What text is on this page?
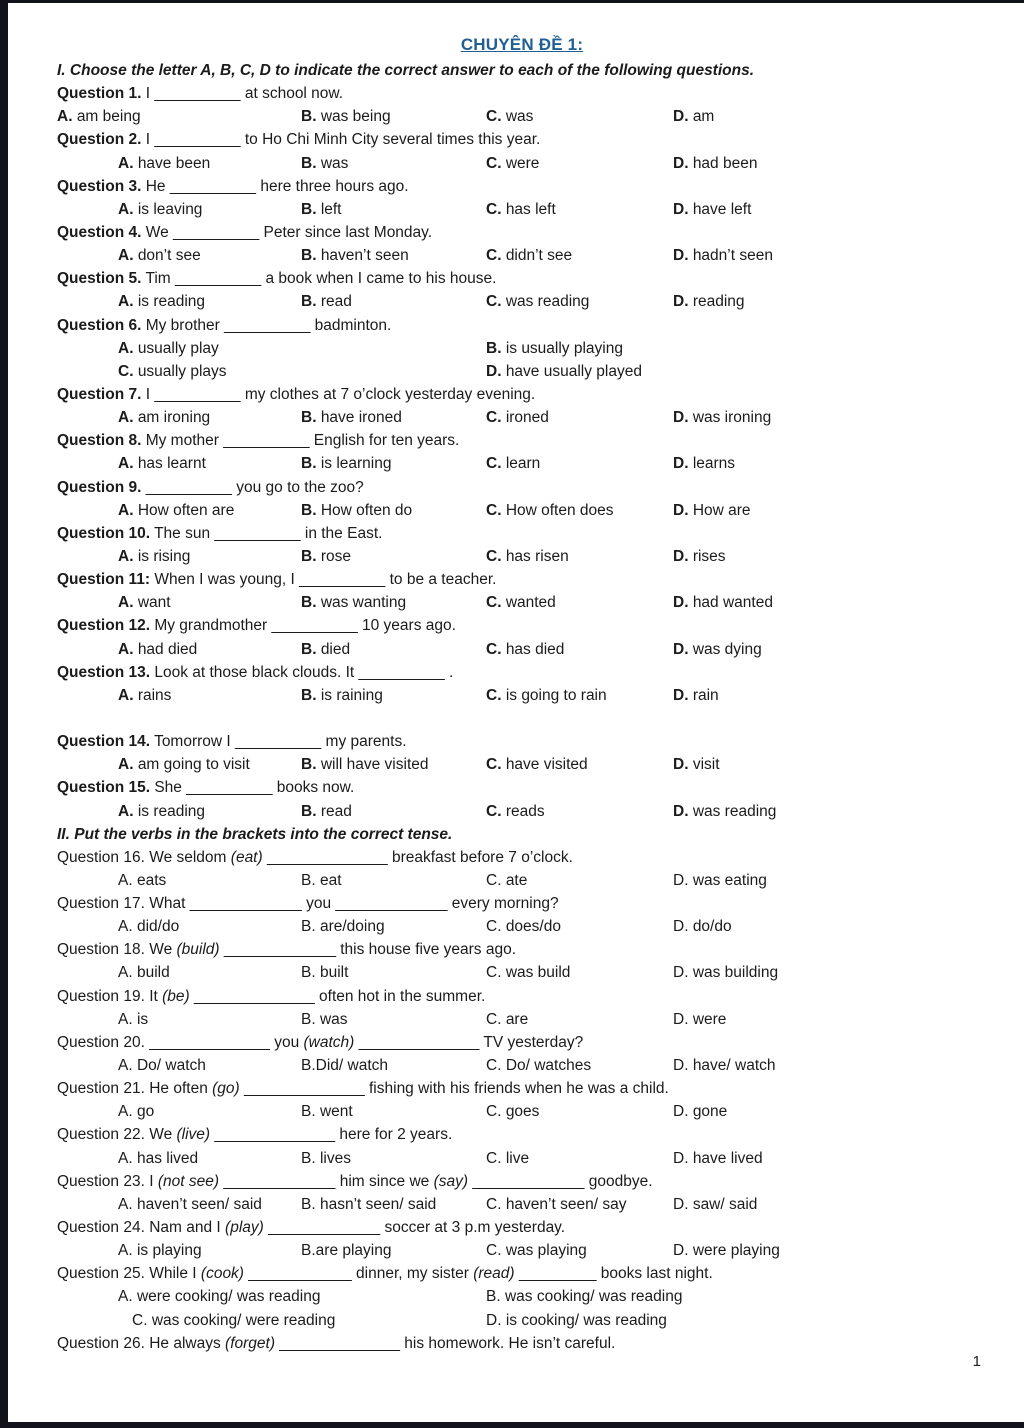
CHUYÊN ĐỀ 1:
I. Choose the letter A, B, C, D to indicate the correct answer to each of the following questions.
Question 1. I __________ at school now.
A. am being	B. was being	C. was	D. am
Question 2. I __________ to Ho Chi Minh City several times this year.
A. have been	B. was	C. were	D. had been
Question 3. He __________ here three hours ago.
A. is leaving	B. left	C. has left	D. have left
Question 4. We __________ Peter since last Monday.
A. don’t see	B. haven’t seen	C. didn’t see	D. hadn’t seen
Question 5. Tim __________ a book when I came to his house.
A. is reading	B. read	C. was reading	D. reading
Question 6. My brother __________ badminton.
A. usually play	B. is usually playing
C. usually plays	D. have usually played
Question 7. I __________ my clothes at 7 o’clock yesterday evening.
A. am ironing	B. have ironed	C. ironed	D. was ironing
Question 8. My mother __________ English for ten years.
A. has learnt	B. is learning	C. learn	D. learns
Question 9. __________ you go to the zoo?
A. How often are	B. How often do	C. How often does	D. How are
Question 10. The sun __________ in the East.
A. is rising	B. rose	C. has risen	D. rises
Question 11: When I was young, I __________ to be a teacher.
A. want	B. was wanting	C. wanted	D. had wanted
Question 12. My grandmother __________ 10 years ago.
A. had died	B. died	C. has died	D. was dying
Question 13. Look at those black clouds. It __________ .
A. rains	B. is raining	C. is going to rain	D. rain
Question 14. Tomorrow I __________ my parents.
A. am going to visit	B. will have visited	C. have visited	D. visit
Question 15. She __________ books now.
A. is reading	B. read	C. reads	D. was reading
II. Put the verbs in the brackets into the correct tense.
Question 16. We seldom (eat) ______________ breakfast before 7 o’clock.
A. eats	B. eat	C. ate	D. was eating
Question 17. What _____________ you _____________ every morning?
A. did/do	B. are/doing	C. does/do	D. do/do
Question 18. We (build) _____________ this house five years ago.
A. build	B. built	C. was build	D. was building
Question 19. It (be) ______________ often hot in the summer.
A. is	B. was	C. are	D. were
Question 20. ______________ you (watch) ______________ TV yesterday?
A. Do/ watch	B.Did/ watch	C. Do/ watches	D. have/ watch
Question 21. He often (go) ______________ fishing with his friends when he was a child.
A. go	B. went	C. goes	D. gone
Question 22. We (live) ______________ here for 2 years.
A. has lived	B. lives	C. live	D. have lived
Question 23. I (not see) _____________ him since we (say) _____________ goodbye.
A. haven’t seen/ said	B. hasn’t seen/ said	C. haven’t seen/ say	D. saw/ said
Question 24. Nam and I (play) _____________ soccer at 3 p.m yesterday.
A. is playing	B.are playing	C. was playing	D. were playing
Question 25. While I (cook) ____________ dinner, my sister (read) _________ books last night.
A. were cooking/ was reading	B. was cooking/ was reading
C. was cooking/ were reading	D. is cooking/ was reading
Question 26. He always (forget) ______________ his homework. He isn’t careful.
1
